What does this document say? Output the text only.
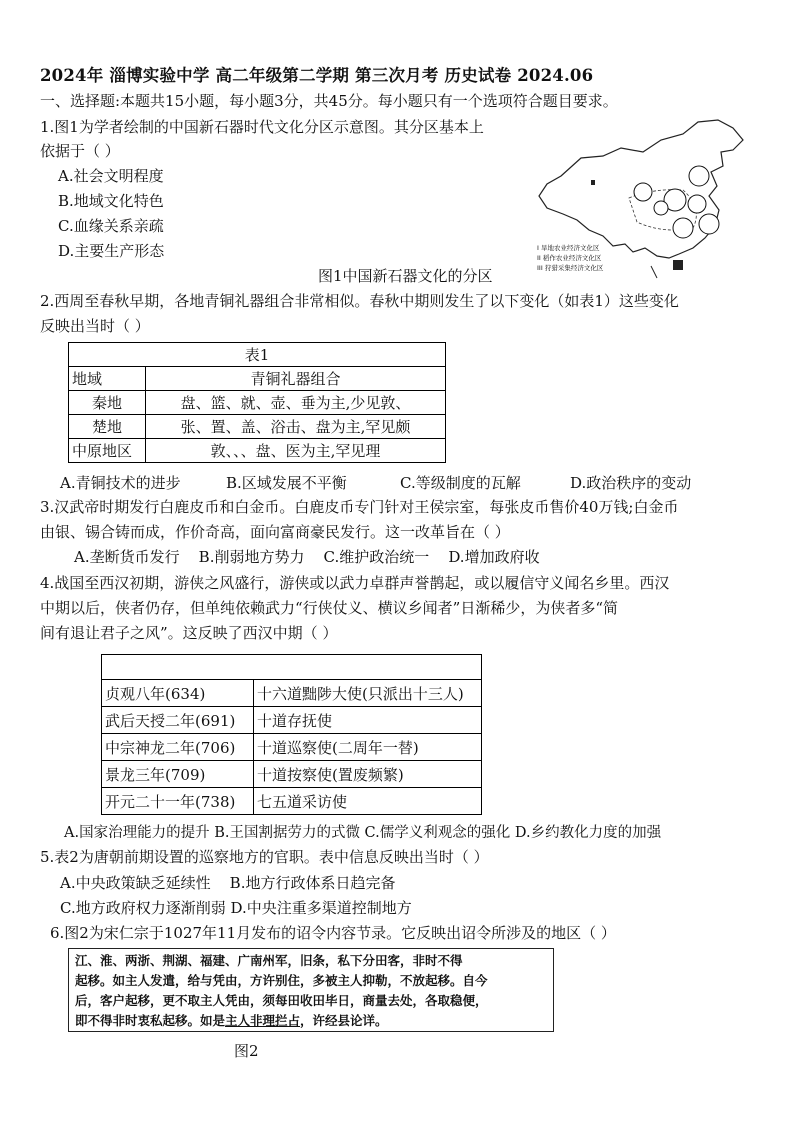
2024年 淄博实验中学 高二年级第二学期 第三次月考 历史试卷 2024.06
一、选择题:本题共15小题，每小题3分，共45分。每小题只有一个选项符合题目要求。
1.图1为学者绘制的中国新石器时代文化分区示意图。其分区基本上
依据于（ ）
A.社会文明程度
B.地域文化特色
C.血缘关系亲疏
D.主要生产形态	I 旱地农业经济文化区
II 稻作农业经济文化区
III 狩猎采集经济文化区
图1中国新石器文化的分区
2.西周至春秋早期，各地青铜礼器组合非常相似。春秋中期则发生了以下变化（如表1）这些变化
反映出当时（ ）
表1	
地域	青铜礼器组合
秦地	盘、篮、就、壶、垂为主,少见敦、
楚地	张、置、盖、浴击、盘为主,罕见颇
中原地区	敦、、、盘、医为主,罕见理
A.青铜技术的进步	B.区域发展不平衡	C.等级制度的瓦解	D.政治秩序的变动
3.汉武帝时期发行白鹿皮币和白金币。白鹿皮币专门针对王侯宗室，每张皮币售价40万钱;白金币
由银、锡合铸而成，作价奇高，面向富商豪民发行。这一改革旨在（ ）
A.垄断货币发行    B.削弱地方势力    C.维护政治统一    D.增加政府收
4.战国至西汉初期，游侠之风盛行，游侠或以武力卓群声誉鹊起，或以履信守义闻名乡里。西汉
中期以后，侠者仍存，但单纯依赖武力“行侠仗义、横议乡闻者”日渐稀少，为侠者多“简
间有退让君子之风”。这反映了西汉中期（ ）

贞观八年(634)	十六道黜陟大使(只派出十三人)
武后天授二年(691)	十道存抚使
中宗神龙二年(706)	十道巡察使(二周年一替)
景龙三年(709)	十道按察使(置废频繁)
开元二十一年(738)	七五道采访使
A.国家治理能力的提升 B.王国割据劳力的式微 C.儒学义利观念的强化 D.乡约教化力度的加强
5.表2为唐朝前期设置的巡察地方的官职。表中信息反映出当时（ ）
A.中央政策缺乏延续性    B.地方行政体系日趋完备
C.地方政府权力逐渐削弱 D.中央注重多渠道控制地方
6.图2为宋仁宗于1027年11月发布的诏令内容节录。它反映出诏令所涉及的地区（ ）
江、淮、两浙、荆湖、福建、广南州军，旧条，私下分田客，非时不得
起移。如主人发遣，给与凭由，方许别住，多被主人抑勒，不放起移。自今
后，客户起移，更不取主人凭由，须每田收田毕日，商量去处，各取稳便，
即不得非时衷私起移。如是主人非理拦占，许经县论详。
图2
